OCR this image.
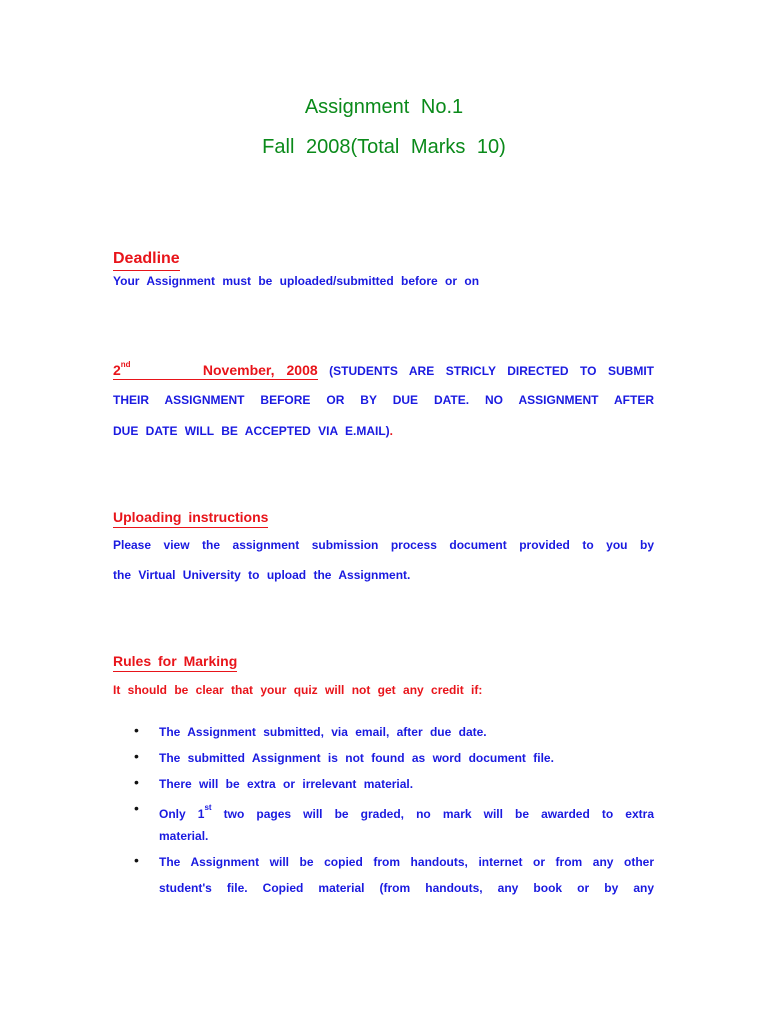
Assignment No.1
Fall 2008(Total Marks 10)
Deadline
Your Assignment must be uploaded/submitted before or on
2nd	November, 2008 (STUDENTS ARE STRICLY DIRECTED TO SUBMIT
THEIR ASSIGNMENT BEFORE OR BY DUE DATE. NO ASSIGNMENT AFTER
DUE DATE WILL BE ACCEPTED VIA E.MAIL).
Uploading instructions
Please view the assignment submission process document provided to you by
the Virtual University to upload the Assignment.
Rules for Marking
It should be clear that your quiz will not get any credit if:
• The Assignment submitted, via email, after due date.
• The submitted Assignment is not found as word document file.
• There will be extra or irrelevant material.
• Only 1st two pages will be graded, no mark will be awarded to extra
material.
• The Assignment will be copied from handouts, internet or from any other
student's file. Copied material (from handouts, any book or by any
